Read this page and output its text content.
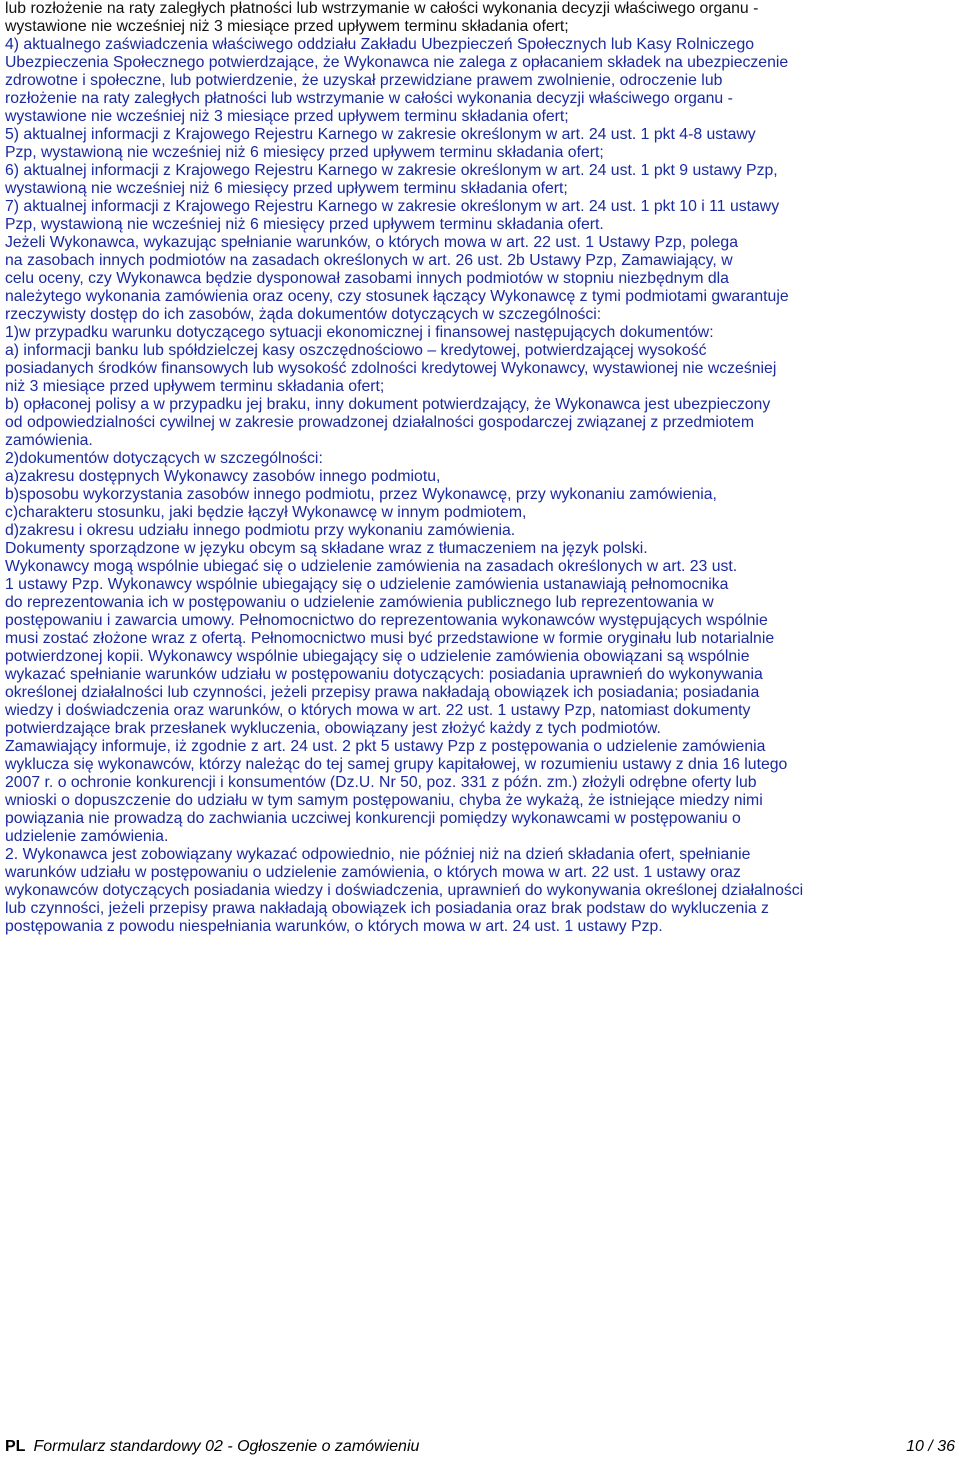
lub rozłożenie na raty zaległych płatności lub wstrzymanie w całości wykonania decyzji właściwego organu -
wystawione nie wcześniej niż 3 miesiące przed upływem terminu składania ofert;
4) aktualnego zaświadczenia właściwego oddziału Zakładu Ubezpieczeń Społecznych lub Kasy Rolniczego
Ubezpieczenia Społecznego potwierdzające, że Wykonawca nie zalega z opłacaniem składek na ubezpieczenie
zdrowotne i społeczne, lub potwierdzenie, że uzyskał przewidziane prawem zwolnienie, odroczenie lub
rozłożenie na raty zaległych płatności lub wstrzymanie w całości wykonania decyzji właściwego organu -
wystawione nie wcześniej niż 3 miesiące przed upływem terminu składania ofert;
5) aktualnej informacji z Krajowego Rejestru Karnego w zakresie określonym w art. 24 ust. 1 pkt 4-8 ustawy
Pzp, wystawioną nie wcześniej niż 6 miesięcy przed upływem terminu składania ofert;
6) aktualnej informacji z Krajowego Rejestru Karnego w zakresie określonym w art. 24 ust. 1 pkt 9 ustawy Pzp,
wystawioną nie wcześniej niż 6 miesięcy przed upływem terminu składania ofert;
7) aktualnej informacji z Krajowego Rejestru Karnego w zakresie określonym w art. 24 ust. 1 pkt 10 i 11 ustawy
Pzp, wystawioną nie wcześniej niż 6 miesięcy przed upływem terminu składania ofert.
Jeżeli Wykonawca, wykazując spełnianie warunków, o których mowa w art. 22 ust. 1 Ustawy Pzp, polega
na zasobach innych podmiotów na zasadach określonych w art. 26 ust. 2b Ustawy Pzp, Zamawiający, w
celu oceny, czy Wykonawca będzie dysponował zasobami innych podmiotów w stopniu niezbędnym dla
należytego wykonania zamówienia oraz oceny, czy stosunek łączący Wykonawcę z tymi podmiotami gwarantuje
rzeczywisty dostęp do ich zasobów, żąda dokumentów dotyczących w szczególności:
1)w przypadku warunku dotyczącego sytuacji ekonomicznej i finansowej następujących dokumentów:
a) informacji banku lub spółdzielczej kasy oszczędnościowo – kredytowej, potwierdzającej wysokość
posiadanych środków finansowych lub wysokość zdolności kredytowej Wykonawcy, wystawionej nie wcześniej
niż 3 miesiące przed upływem terminu składania ofert;
b) opłaconej polisy a w przypadku jej braku, inny dokument potwierdzający, że Wykonawca jest ubezpieczony
od odpowiedzialności cywilnej w zakresie prowadzonej działalności gospodarczej związanej z przedmiotem
zamówienia.
2)dokumentów dotyczących w szczególności:
a)zakresu dostępnych Wykonawcy zasobów innego podmiotu,
b)sposobu wykorzystania zasobów innego podmiotu, przez Wykonawcę, przy wykonaniu zamówienia,
c)charakteru stosunku, jaki będzie łączył Wykonawcę w innym podmiotem,
d)zakresu i okresu udziału innego podmiotu przy wykonaniu zamówienia.
Dokumenty sporządzone w języku obcym są składane wraz z tłumaczeniem na język polski.
Wykonawcy mogą wspólnie ubiegać się o udzielenie zamówienia na zasadach określonych w art. 23 ust.
1 ustawy Pzp. Wykonawcy wspólnie ubiegający się o udzielenie zamówienia ustanawiają pełnomocnika
do reprezentowania ich w postępowaniu o udzielenie zamówienia publicznego lub reprezentowania w
postępowaniu i zawarcia umowy. Pełnomocnictwo do reprezentowania wykonawców występujących wspólnie
musi zostać złożone wraz z ofertą. Pełnomocnictwo musi być przedstawione w formie oryginału lub notarialnie
potwierdzonej kopii. Wykonawcy wspólnie ubiegający się o udzielenie zamówienia obowiązani są wspólnie
wykazać spełnianie warunków udziału w postępowaniu dotyczących: posiadania uprawnień do wykonywania
określonej działalności lub czynności, jeżeli przepisy prawa nakładają obowiązek ich posiadania; posiadania
wiedzy i doświadczenia oraz warunków, o których mowa w art. 22 ust. 1 ustawy Pzp, natomiast dokumenty
potwierdzające brak przesłanek wykluczenia, obowiązany jest złożyć każdy z tych podmiotów.
Zamawiający informuje, iż zgodnie z art. 24 ust. 2 pkt 5 ustawy Pzp z postępowania o udzielenie zamówienia
wyklucza się wykonawców, którzy należąc do tej samej grupy kapitałowej, w rozumieniu ustawy z dnia 16 lutego
2007 r. o ochronie konkurencji i konsumentów (Dz.U. Nr 50, poz. 331 z późn. zm.) złożyli odrębne oferty lub
wnioski o dopuszczenie do udziału w tym samym postępowaniu, chyba że wykażą, że istniejące miedzy nimi
powiązania nie prowadzą do zachwiania uczciwej konkurencji pomiędzy wykonawcami w postępowaniu o
udzielenie zamówienia.
2. Wykonawca jest zobowiązany wykazać odpowiednio, nie później niż na dzień składania ofert, spełnianie
warunków udziału w postępowaniu o udzielenie zamówienia, o których mowa w art. 22 ust. 1 ustawy oraz
wykonawców dotyczących posiadania wiedzy i doświadczenia, uprawnień do wykonywania określonej działalności
lub czynności, jeżeli przepisy prawa nakładają obowiązek ich posiadania oraz brak podstaw do wykluczenia z
postępowania z powodu niespełniania warunków, o których mowa w art. 24 ust. 1 ustawy Pzp.
PL Formularz standardowy 02 - Ogłoszenie o zamówieniu	10 / 36
